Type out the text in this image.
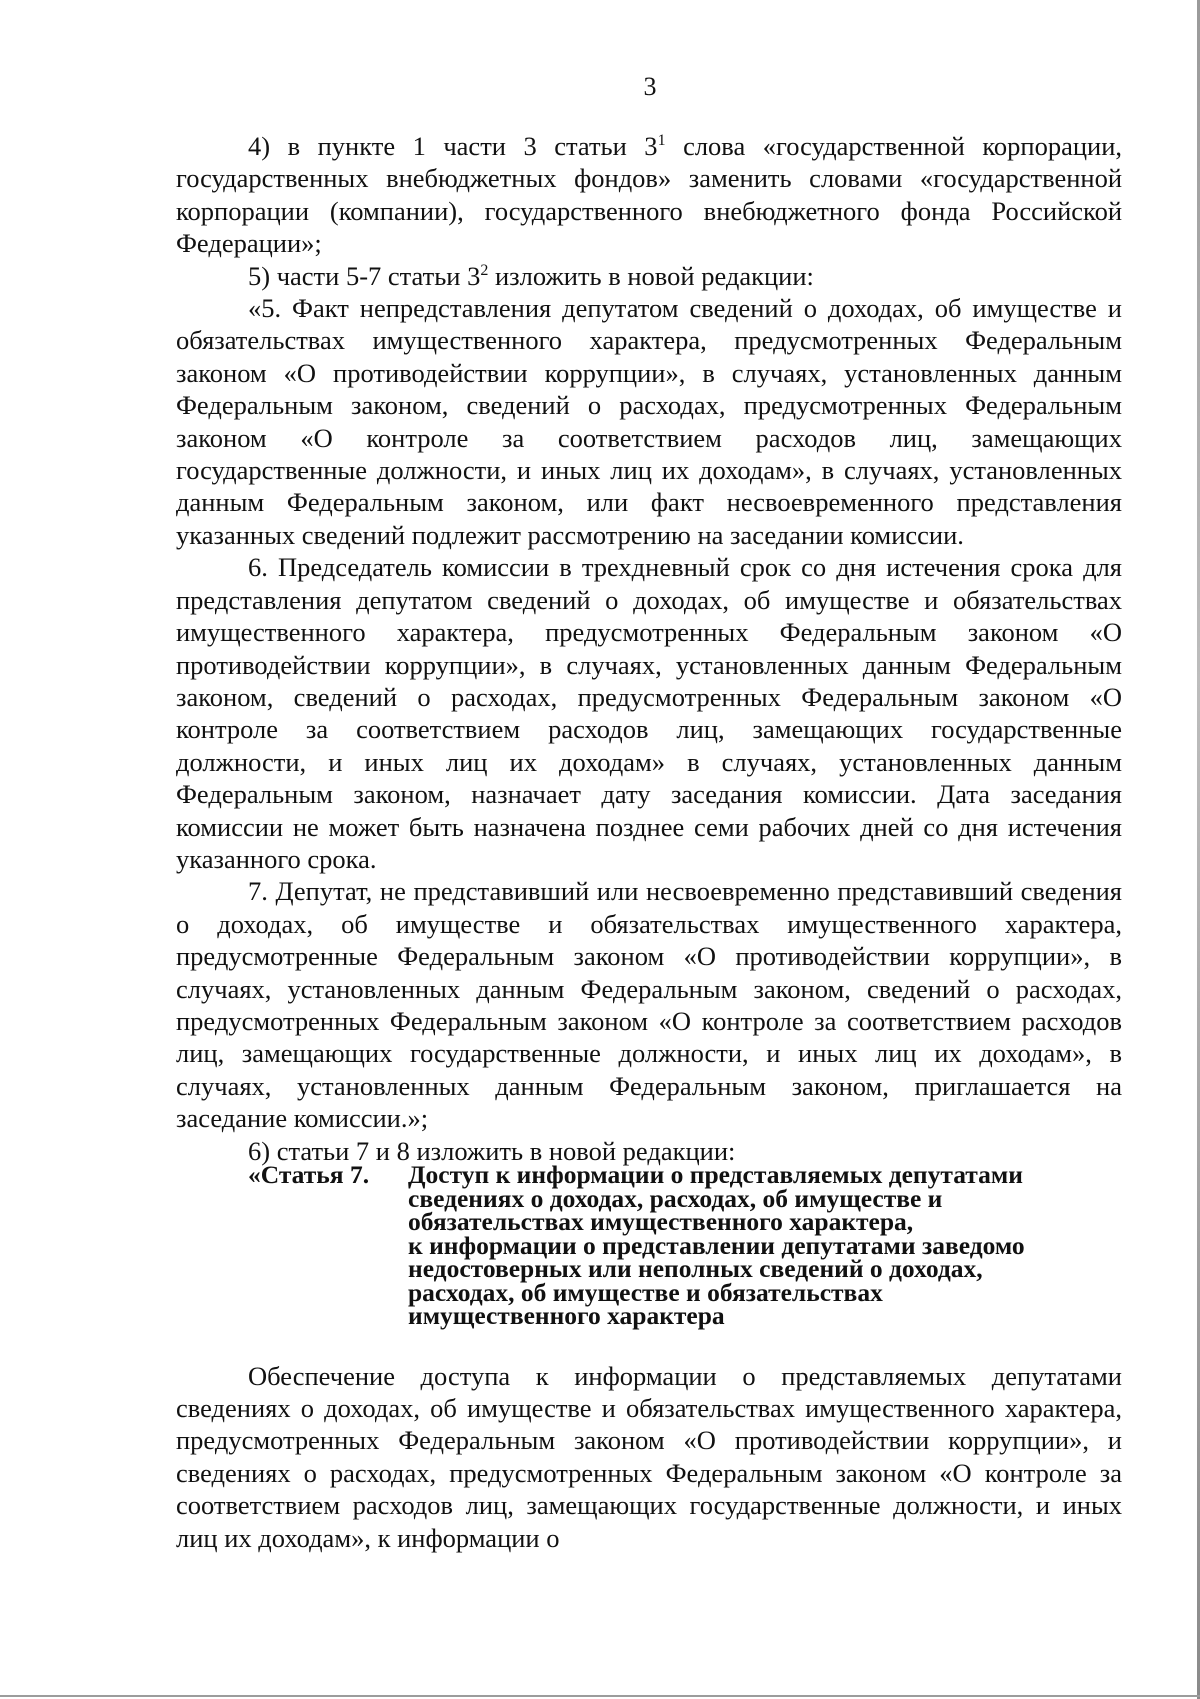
3

4) в пункте 1 части 3 статьи $3^1$ слова «государственной корпорации, государственных внебюджетных фондов» заменить словами «государственной корпорации (компании), государственного внебюджетного фонда Российской Федерации»;

5) части 5-7 статьи $3^2$ изложить в новой редакции:

«5. Факт непредставления депутатом сведений о доходах, об имуществе и обязательствах имущественного характера, предусмотренных Федеральным законом «О противодействии коррупции», в случаях, установленных данным Федеральным законом, сведений о расходах, предусмотренных Федеральным законом «О контроле за соответствием расходов лиц, замещающих государственные должности, и иных лиц их доходам», в случаях, установленных данным Федеральным законом, или факт несвоевременного представления указанных сведений подлежит рассмотрению на заседании комиссии.

6. Председатель комиссии в трехдневный срок со дня истечения срока для представления депутатом сведений о доходах, об имуществе и обязательствах имущественного характера, предусмотренных Федеральным законом «О противодействии коррупции», в случаях, установленных данным Федеральным законом, сведений о расходах, предусмотренных Федеральным законом «О контроле за соответствием расходов лиц, замещающих государственные должности, и иных лиц их доходам» в случаях, установленных данным Федеральным законом, назначает дату заседания комиссии. Дата заседания комиссии не может быть назначена позднее семи рабочих дней со дня истечения указанного срока.

7. Депутат, не представивший или несвоевременно представивший сведения о доходах, об имуществе и обязательствах имущественного характера, предусмотренные Федеральным законом «О противодействии коррупции», в случаях, установленных данным Федеральным законом, сведений о расходах, предусмотренных Федеральным законом «О контроле за соответствием расходов лиц, замещающих государственные должности, и иных лиц их доходам», в случаях, установленных данным Федеральным законом, приглашается на заседание комиссии.»;

6) статьи 7 и 8 изложить в новой редакции:

«Статья 7.	Доступ к информации о представляемых депутатами
сведениях о доходах, расходах, об имуществе и
обязательствах имущественного характера,
к информации о представлении депутатами заведомо
недостоверных или неполных сведений о доходах,
расходах, об имуществе и обязательствах
имущественного характера

Обеспечение доступа к информации о представляемых депутатами сведениях о доходах, об имуществе и обязательствах имущественного характера, предусмотренных Федеральным законом «О противодействии коррупции», и сведениях о расходах, предусмотренных Федеральным законом «О контроле за соответствием расходов лиц, замещающих государственные должности, и иных лиц их доходам», к информации о
